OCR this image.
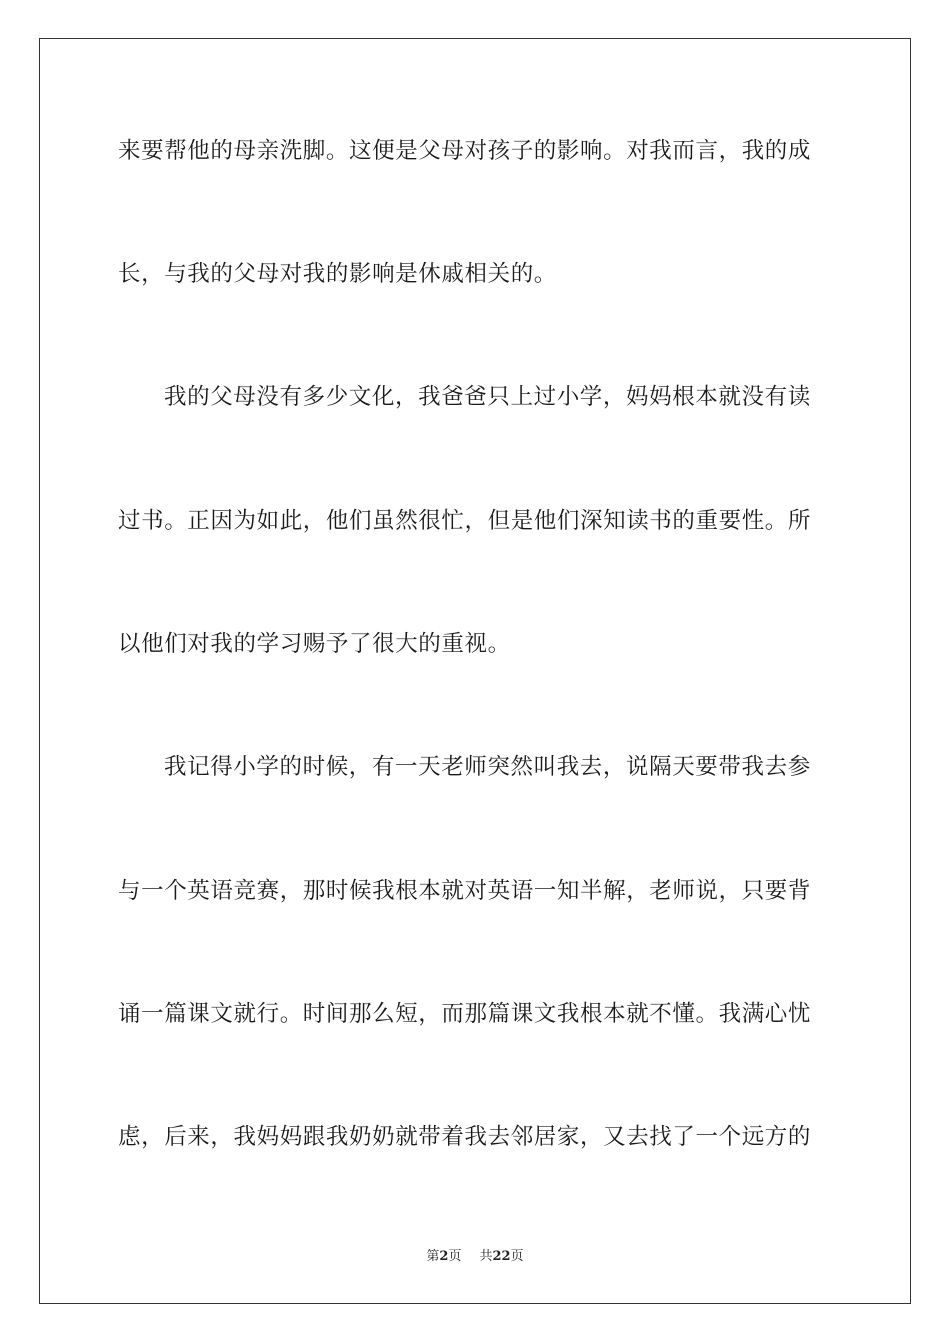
来要帮他的母亲洗脚。这便是父母对孩子的影响。对我而言，我的成
长，与我的父母对我的影响是休戚相关的。
我的父母没有多少文化，我爸爸只上过小学，妈妈根本就没有读
过书。正因为如此，他们虽然很忙，但是他们深知读书的重要性。所
以他们对我的学习赐予了很大的重视。
我记得小学的时候，有一天老师突然叫我去，说隔天要带我去参
与一个英语竞赛，那时候我根本就对英语一知半解，老师说，只要背
诵一篇课文就行。时间那么短，而那篇课文我根本就不懂。我满心忧
虑，后来，我妈妈跟我奶奶就带着我去邻居家，又去找了一个远方的
第2页 共22页
